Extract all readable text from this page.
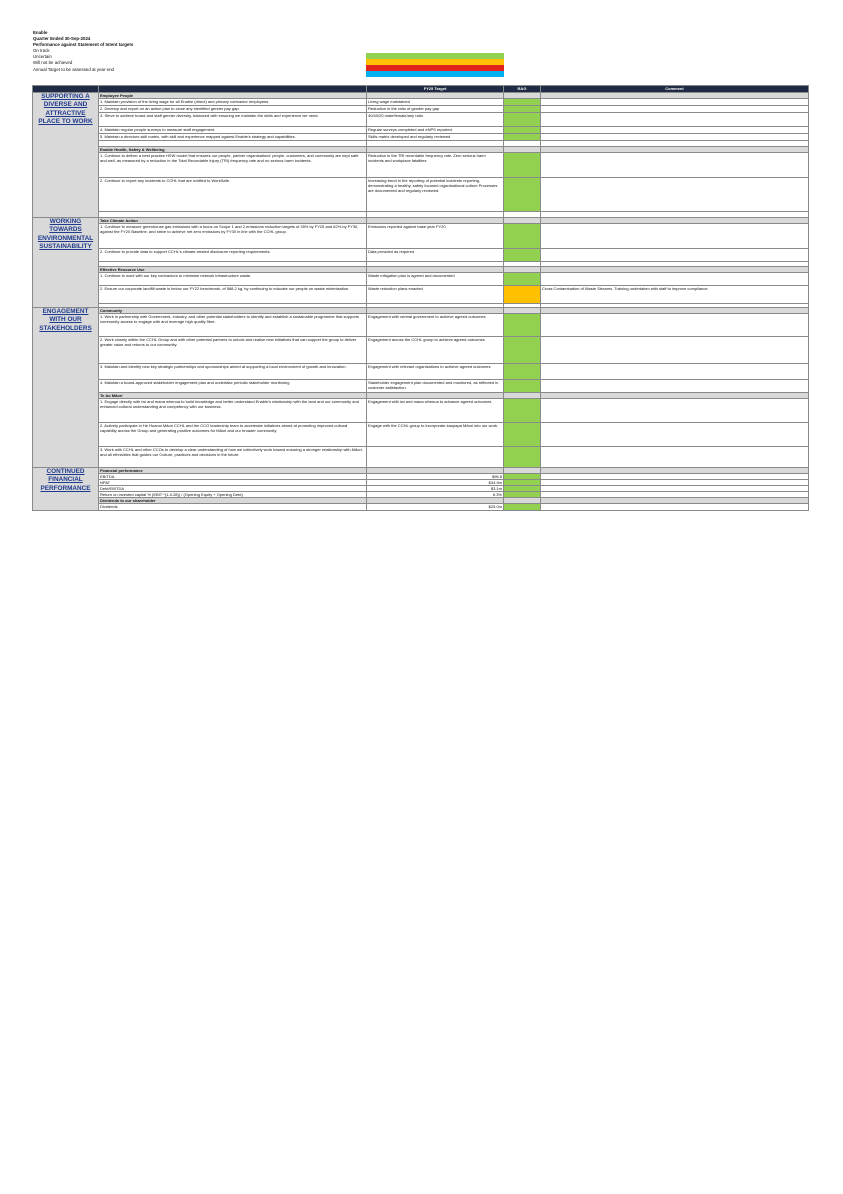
Enable
Quarter Ended 30-Sep-2024
Performance against Statement of Intent targets
On track
Uncertain
Will not be achieved
Annual Target to be assessed at year end
		FY25 Target	RAG	Comment
SUPPORTING A DIVERSE AND ATTRACTIVE PLACE TO WORK	Employee People			
	1. Maintain provision of the living wage for all Enable (direct) and primary contractor employees.	Living wage maintained		
	2. Develop and report on an action plan to close any identified gender pay gap.	Reduction in the ratio of gender pay gap		
	3. Strive to achieve board and staff gender diversity, balanced with ensuring we maintain the skills and experience we need.	40/40/20 male/female/any ratio		
	4. Maintain regular people surveys to measure staff engagement.	Regular surveys completed and eNPS reported		
	5. Maintain a directors skill matrix, with skill and experience mapped against Enable's strategy and capabilities.	Skills matrix developed and regularly reviewed		

	Enable Health, Safety & Wellbeing			
	1. Continue to deliver a best practice HSW model that ensures our people, partner organisations' people, customers, and community are kept safe and well, as measured by a reduction in the Total Recordable Injury (TRI) frequency rate and no serious harm incidents.	Reduction in the TRI recordable frequency rate. Zero serious harm incidents and workplace fatalities		
	2. Continue to report any incidents to CCHL that are notified to WorkSafe.	Increasing trend in the reporting of potential incidents reporting, demonstrating a healthy, safety focused organisational culture Processes are documented and regularly reviewed.		

WORKING TOWARDS ENVIRONMENTAL SUSTAINABILITY	Take Climate Action			
	1. Continue to measure greenhouse gas emissions with a focus on Scope 1 and 2 emissions reduction targets of 35% by FY25 and 62% by FY30, against the FY20 Baseline, and strive to achieve net zero emissions by FY30 in line with the CCHL group.	Emissions reported against base year FY20		
	2. Continue to provide data to support CCHL's climate-related disclosure reporting requirements.	Data provided as required		

	Effective Resource Use			
	1. Continue to work with our key contractors to minimise network infrastructure waste.	Waste mitigation plan is agreed and documented		
	2. Ensure our corporate landfill waste is below our FY22 benchmark, of 588.2 kg, by continuing to educate our people on waste minimisation.	Waste reduction plans enacted		Cross Contamination of Waste Streams. Training undertaken with staff to improve compliance.

ENGAGEMENT WITH OUR STAKEHOLDERS	Community			
	1. Work in partnership with Government, industry, and other potential stakeholders to identify and establish a sustainable programme that supports community access to engage with and leverage high quality fibre.	Engagement with central government to achieve agreed outcomes		
	2. Work closely within the CCHL Group and with other potential partners to unlock and realise new initiatives that can support the group to deliver greater value and returns to our community.	Engagement across the CCHL group to achieve agreed outcomes		
	3. Maintain and identify new key strategic partnerships and sponsorships aimed at supporting a local environment of growth and innovation.	Engagement with relevant organisations to achieve agreed outcomes		
	4. Maintain a board-approved stakeholder engagement plan and undertake periodic stakeholder monitoring	Stakeholder engagement plan documented and monitored, as reflected in customer satisfaction.		
	Te Ao Māori			
	1. Engage directly with iwi and mana whenua to build knowledge and better understand Enable's relationship with the land and our community and enhanced cultural understanding and competency with our business.	Engagement with iwi and mana whenua to advance agreed outcomes		
	2. Actively participate in He Huanui Māori CCHL and the CCO leadership team to accelerate initiatives aimed at promoting improved cultural capability across the Group and generating positive outcomes for Māori and our broader community.	Engage with the CCHL group to incorporate kaupapa Māori into our work.		
	3. Work with CCHL and other CCOs to develop a clear understanding of how we collectively work toward ensuring a stronger relationship with Māori, and all ethnicities that guides our Culture, practices and decisions in the future.			
CONTINUED FINANCIAL PERFORMANCE	Financial performance			
	EBITDA	$95.8		
	NPAT	$34.9m		
	Debt/EBITDA	$3.1m		
	Return on invested capital % (EBIT *(1-0.28)) / (Opening Equity + Opening Debt)	6.3%		
	Dividends to our shareholder			
	Dividends	$25.0m		
